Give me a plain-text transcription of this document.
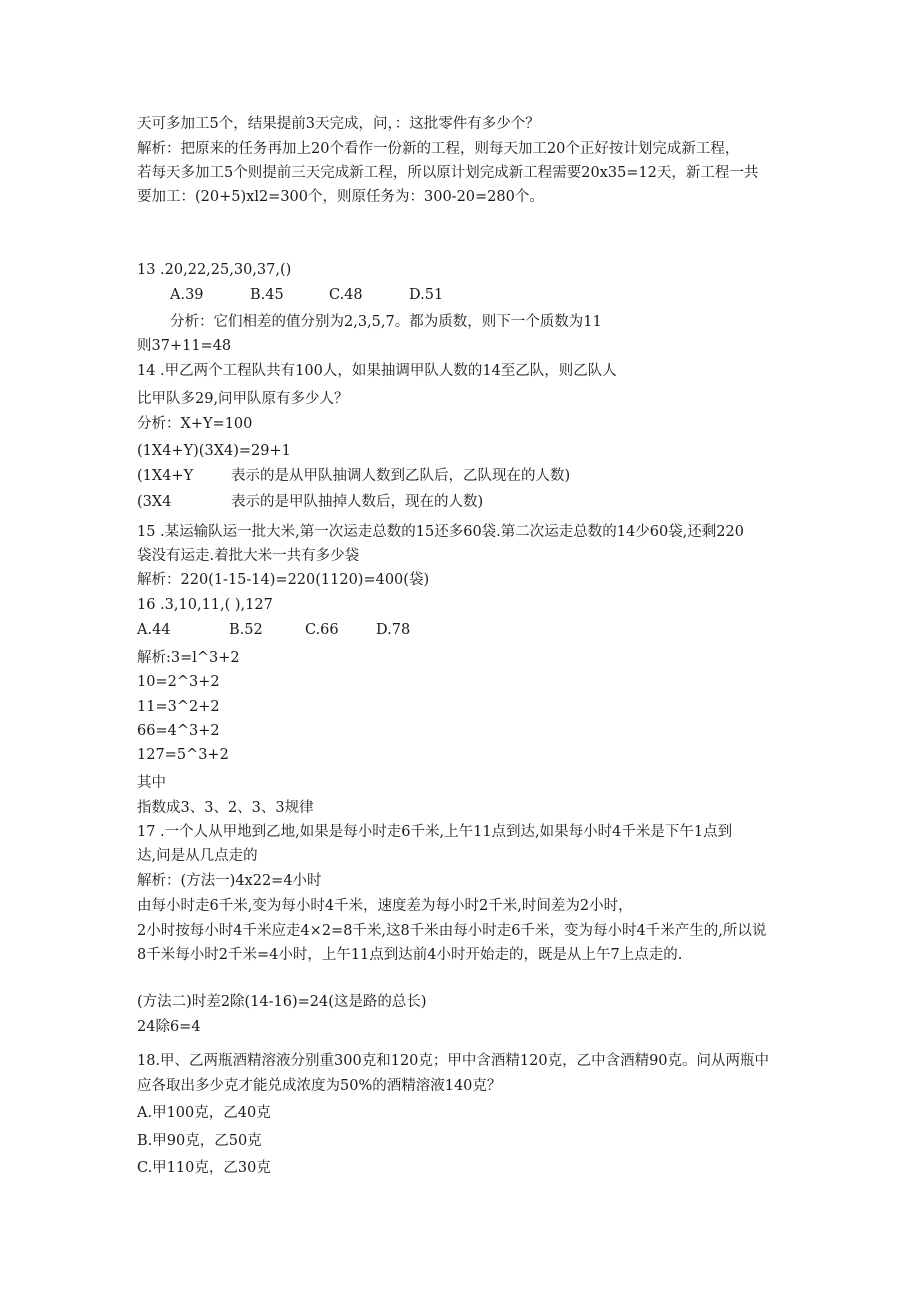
天可多加工5个，结果提前3天完成，问，：这批零件有多少个？

解析：把原来的任务再加上20个看作一份新的工程，则每天加工20个正好按计划完成新工程，

若每天多加工5个则提前三天完成新工程，所以原计划完成新工程需要20x35=12天，新工程一共

要加工：(20+5)xl2=300个，则原任务为：300-20=280个。

13 .20,22,25,30,37,()

A.39	B.45	C.48	D.51

分析：它们相差的值分别为2,3,5,7。都为质数，则下一个质数为11

则37+11=48

14 .甲乙两个工程队共有100人，如果抽调甲队人数的14至乙队，则乙队人

比甲队多29,问甲队原有多少人？

分析：X+Y=100

(1X4+Y)(3X4)=29+1

(1X4+Y	表示的是从甲队抽调人数到乙队后，乙队现在的人数)
(3X4	表示的是甲队抽掉人数后，现在的人数)

15 .某运输队运一批大米,第一次运走总数的15还多60袋.第二次运走总数的14少60袋,还剩220

袋没有运走.着批大米一共有多少袋

解析：220(1-15-14)=220(1120)=400(袋)

16 .3,10,11,( ),127

A.44	B.52	C.66	D.78

解析:3=l^3+2

10=2^3+2

11=3^2+2

66=4^3+2

127=5^3+2

其中

指数成3、3、2、3、3规律

17 .一个人从甲地到乙地,如果是每小时走6千米,上午11点到达,如果每小时4千米是下午1点到

达,问是从几点走的

解析：(方法一)4x22=4小时

由每小时走6千米,变为每小时4千米，速度差为每小时2千米,时间差为2小时，

2小时按每小时4千米应走4×2=8千米,这8千米由每小时走6千米，变为每小时4千米产生的,所以说

8千米每小时2千米=4小时，上午11点到达前4小时开始走的，既是从上午7上点走的.

(方法二)时差2除(14-16)=24(这是路的总长)

24除6=4

18.甲、乙两瓶酒精溶液分别重300克和120克；甲中含酒精120克，乙中含酒精90克。问从两瓶中

应各取出多少克才能兑成浓度为50%的酒精溶液140克？

A.甲100克，乙40克

B.甲90克，乙50克

C.甲110克，乙30克
